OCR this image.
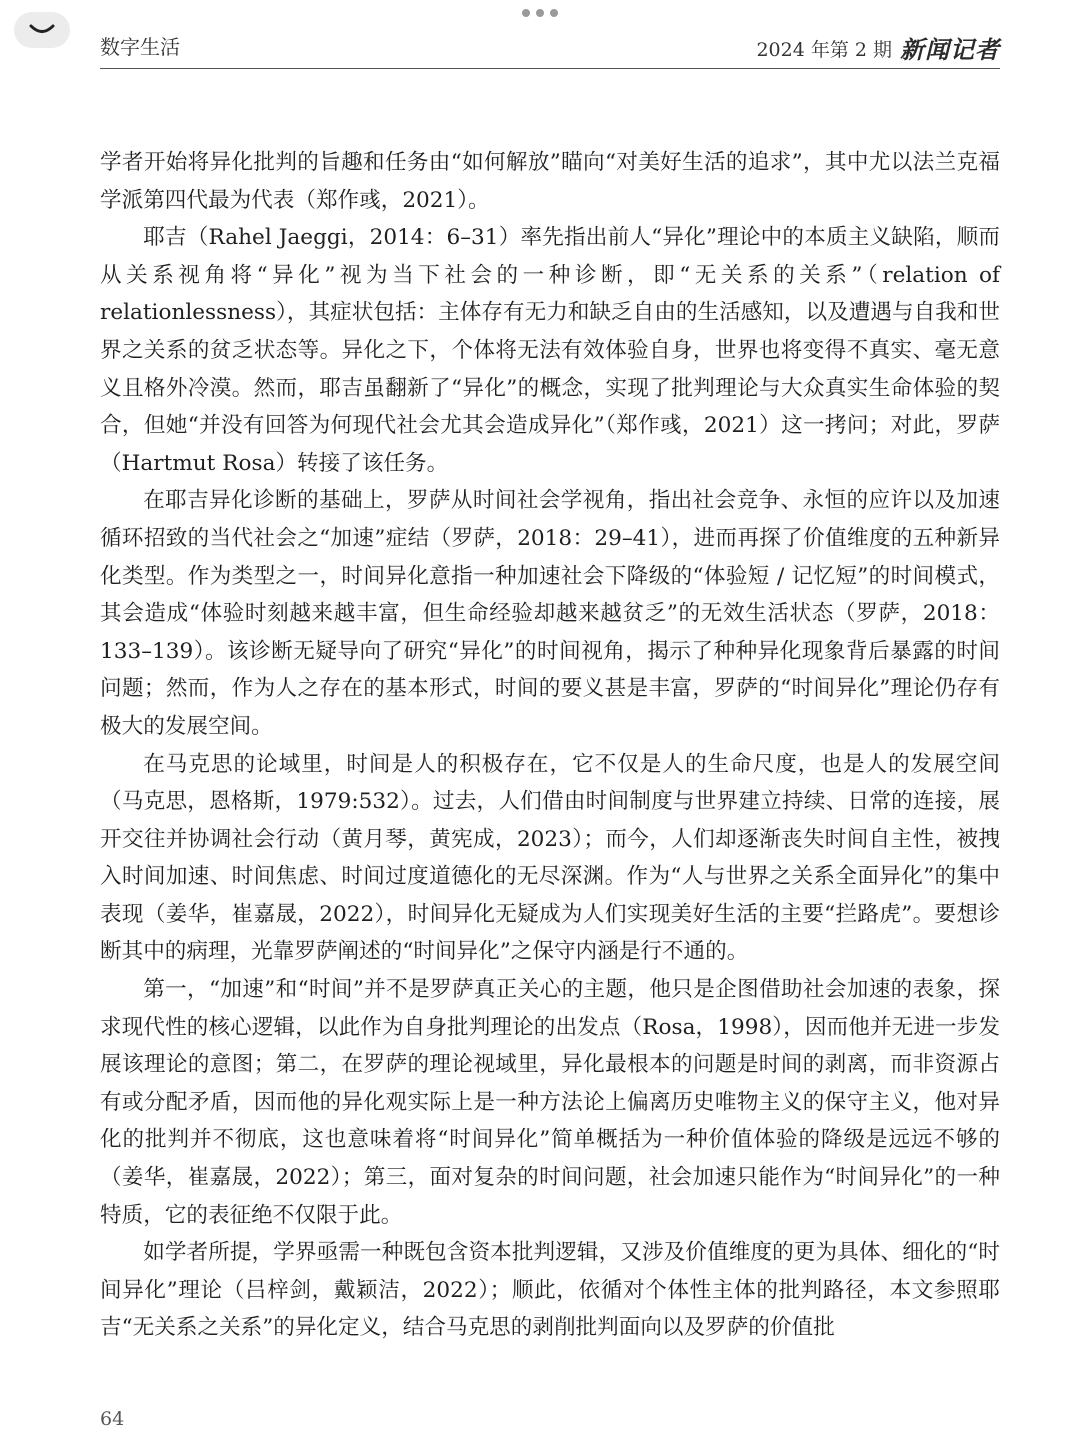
数字生活	2024 年第 2 期 新闻记者

学者开始将异化批判的旨趣和任务由“如何解放”瞄向“对美好生活的追求”，其中尤以法兰克福学派第四代最为代表（郑作彧，2021）。

耶吉（Rahel Jaeggi，2014：6–31）率先指出前人“异化”理论中的本质主义缺陷，顺而从关系视角将“异化”视为当下社会的一种诊断，即“无关系的关系”（relation of relationlessness），其症状包括：主体存有无力和缺乏自由的生活感知，以及遭遇与自我和世界之关系的贫乏状态等。异化之下，个体将无法有效体验自身，世界也将变得不真实、毫无意义且格外冷漠。然而，耶吉虽翻新了“异化”的概念，实现了批判理论与大众真实生命体验的契合，但她“并没有回答为何现代社会尤其会造成异化”（郑作彧，2021）这一拷问；对此，罗萨（Hartmut Rosa）转接了该任务。

在耶吉异化诊断的基础上，罗萨从时间社会学视角，指出社会竞争、永恒的应许以及加速循环招致的当代社会之“加速”症结（罗萨，2018：29–41），进而再探了价值维度的五种新异化类型。作为类型之一，时间异化意指一种加速社会下降级的“体验短 / 记忆短”的时间模式，其会造成“体验时刻越来越丰富，但生命经验却越来越贫乏”的无效生活状态（罗萨，2018：133–139）。该诊断无疑导向了研究“异化”的时间视角，揭示了种种异化现象背后暴露的时间问题；然而，作为人之存在的基本形式，时间的要义甚是丰富，罗萨的“时间异化”理论仍存有极大的发展空间。

在马克思的论域里，时间是人的积极存在，它不仅是人的生命尺度，也是人的发展空间（马克思，恩格斯，1979:532）。过去，人们借由时间制度与世界建立持续、日常的连接，展开交往并协调社会行动（黄月琴，黄宪成，2023）；而今，人们却逐渐丧失时间自主性，被拽入时间加速、时间焦虑、时间过度道德化的无尽深渊。作为“人与世界之关系全面异化”的集中表现（姜华，崔嘉晟，2022），时间异化无疑成为人们实现美好生活的主要“拦路虎”。要想诊断其中的病理，光靠罗萨阐述的“时间异化”之保守内涵是行不通的。

第一，“加速”和“时间”并不是罗萨真正关心的主题，他只是企图借助社会加速的表象，探求现代性的核心逻辑，以此作为自身批判理论的出发点（Rosa，1998），因而他并无进一步发展该理论的意图；第二，在罗萨的理论视域里，异化最根本的问题是时间的剥离，而非资源占有或分配矛盾，因而他的异化观实际上是一种方法论上偏离历史唯物主义的保守主义，他对异化的批判并不彻底，这也意味着将“时间异化”简单概括为一种价值体验的降级是远远不够的（姜华，崔嘉晟，2022）；第三，面对复杂的时间问题，社会加速只能作为“时间异化”的一种特质，它的表征绝不仅限于此。

如学者所提，学界亟需一种既包含资本批判逻辑，又涉及价值维度的更为具体、细化的“时间异化”理论（吕梓剑，戴颖洁，2022）；顺此，依循对个体性主体的批判路径，本文参照耶吉“无关系之关系”的异化定义，结合马克思的剥削批判面向以及罗萨的价值批

64
